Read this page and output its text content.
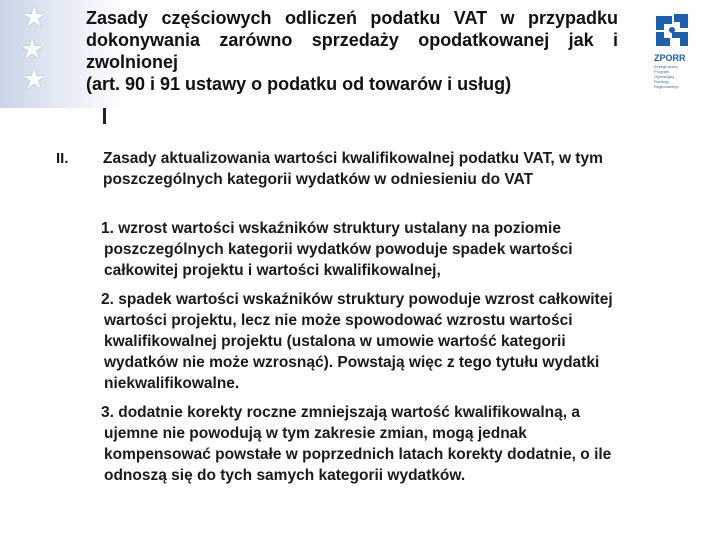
★
★
★
Zasady częściowych odliczeń podatku VAT w przypadku
dokonywania zarówno sprzedaży opodatkowanej jak i
zwolnionej
(art. 90 i 91 ustawy o podatku od towarów i usług)
ZPORR
Zintegrowany
Program
Operacyjny
Rozwoju
Regionalnego
II. Zasady aktualizowania wartości kwalifikowalnej podatku VAT, w tym
poszczególnych kategorii wydatków w odniesieniu do VAT
1. wzrost wartości wskaźników struktury ustalany na poziomie
poszczególnych kategorii wydatków powoduje spadek wartości
całkowitej projektu i wartości kwalifikowalnej,
2. spadek wartości wskaźników struktury powoduje wzrost całkowitej
wartości projektu, lecz nie może spowodować wzrostu wartości
kwalifikowalnej projektu (ustalona w umowie wartość kategorii
wydatków nie może wzrosnąć). Powstają więc z tego tytułu wydatki
niekwalifikowalne.
3. dodatnie korekty roczne zmniejszają wartość kwalifikowalną, a
ujemne nie powodują w tym zakresie zmian, mogą jednak
kompensować powstałe w poprzednich latach korekty dodatnie, o ile
odnoszą się do tych samych kategorii wydatków.
